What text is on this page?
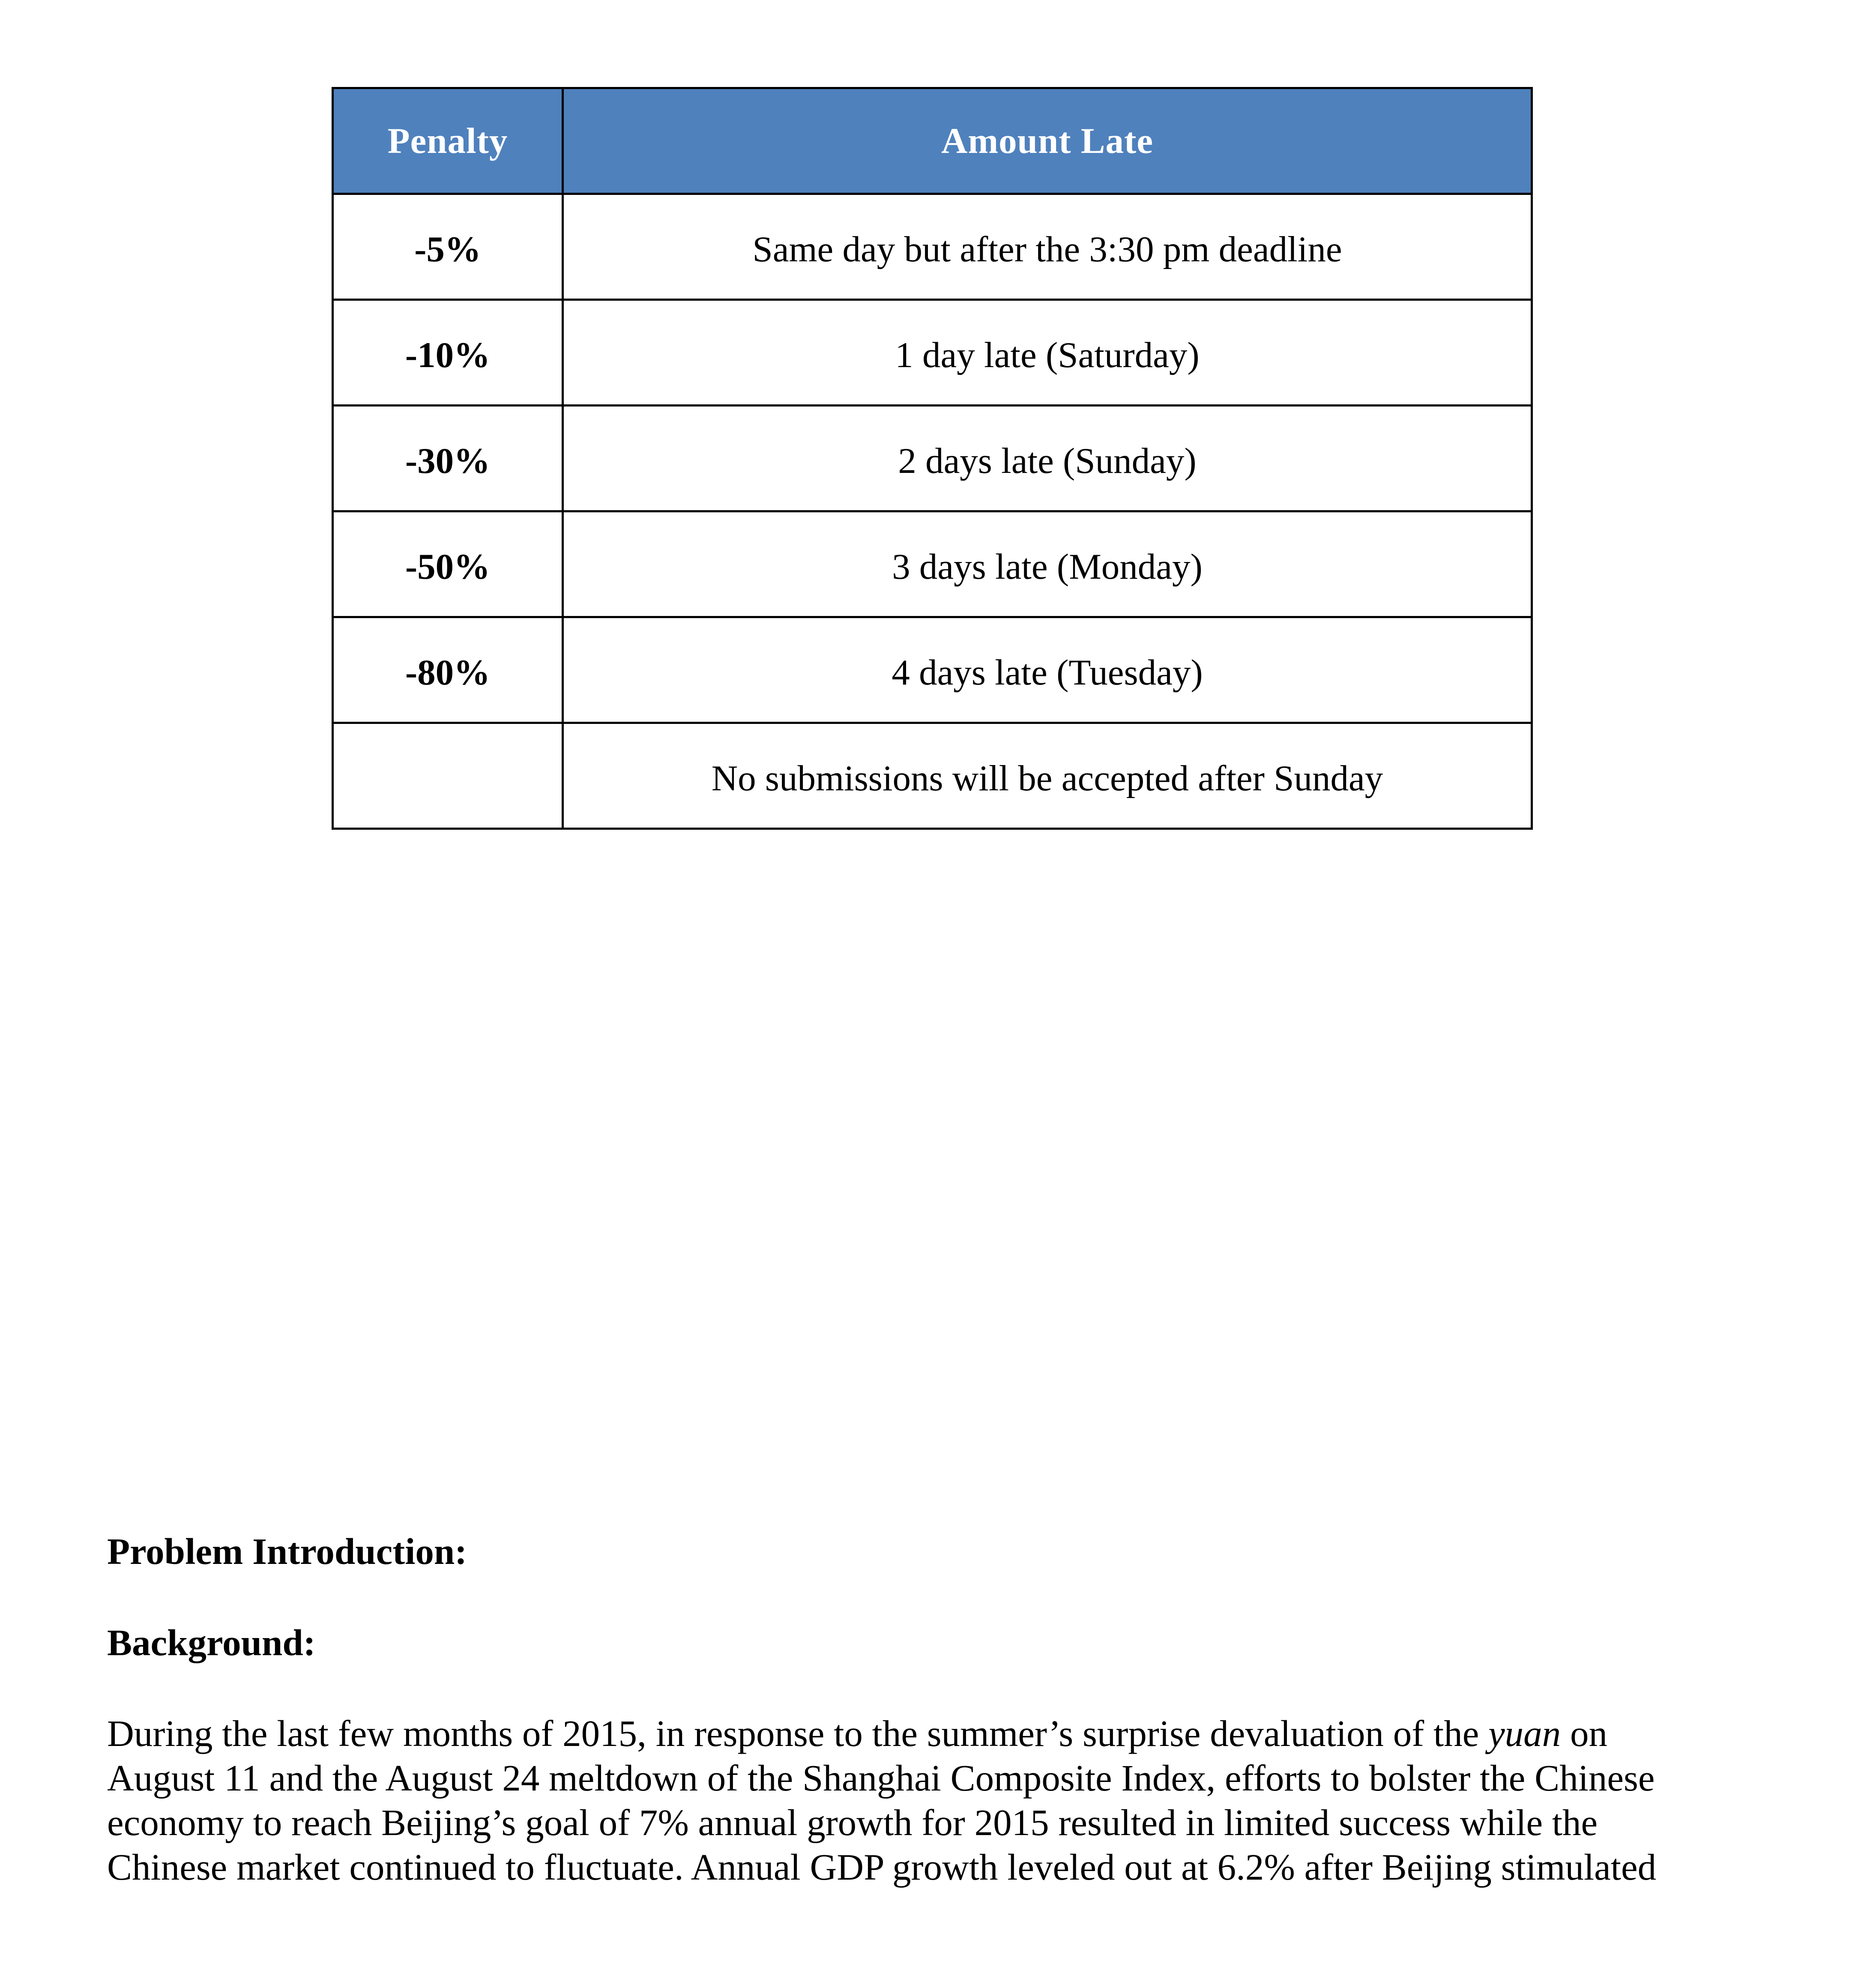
Penalty	Amount Late
-5%	Same day but after the 3:30 pm deadline
-10%	1 day late (Saturday)
-30%	2 days late (Sunday)
-50%	3 days late (Monday)
-80%	4 days late (Tuesday)
	No submissions will be accepted after Sunday
Problem Introduction:
Background:
During the last few months of 2015, in response to the summer’s surprise devaluation of the yuan on
August 11 and the August 24 meltdown of the Shanghai Composite Index, efforts to bolster the Chinese
economy to reach Beijing’s goal of 7% annual growth for 2015 resulted in limited success while the
Chinese market continued to fluctuate. Annual GDP growth leveled out at 6.2% after Beijing stimulated
